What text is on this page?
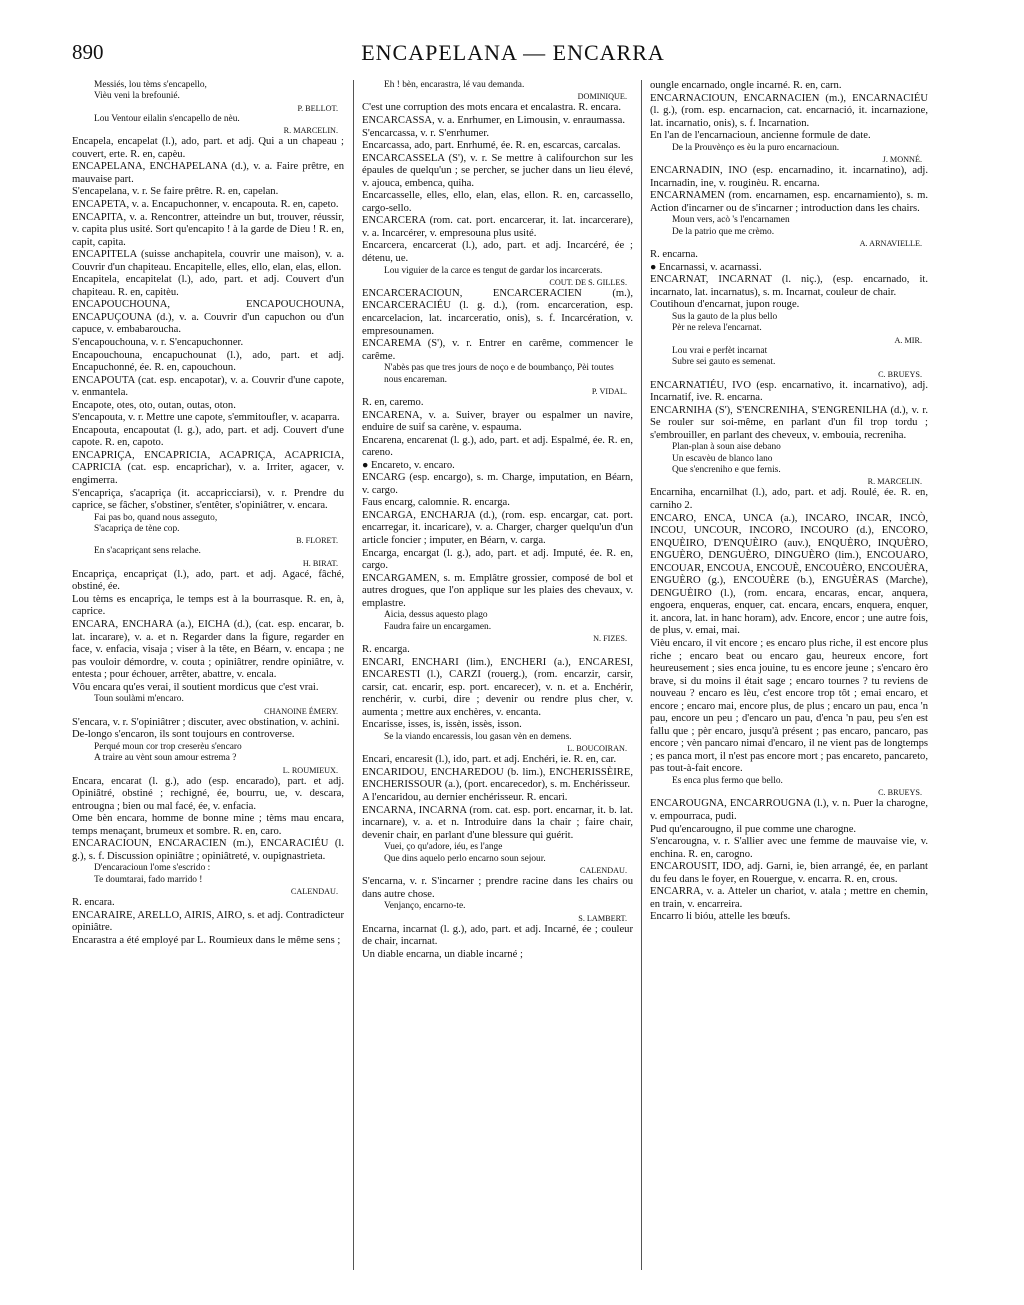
890	ENCAPELANA — ENCARRA

Messiés, lou tèms s'encapello,

Vièu veni la brefounié.

P. BELLOT.

Lou Ventour eilalin s'encapello de nèu.

R. MARCELIN.

Encapela, encapelat (l.), ado, part. et adj. Qui a un chapeau ; couvert, erte. R. en, capèu.

ENCAPELANA, ENCHAPELANA (d.), v. a. Faire prêtre, en mauvaise part.

S'encapelana, v. r. Se faire prêtre. R. en, capelan.

ENCAPETA, v. a. Encapuchonner, v. encapouta. R. en, capeto.

ENCAPITA, v. a. Rencontrer, atteindre un but, trouver, réussir, v. capita plus usité. Sort qu'encapito ! à la garde de Dieu ! R. en, capit, capita.

ENCAPITELA (suisse anchapitela, couvrir une maison), v. a. Couvrir d'un chapiteau. Encapitelle, elles, ello, elan, elas, ellon.

Encapitela, encapitelat (l.), ado, part. et adj. Couvert d'un chapiteau. R. en, capitèu.

ENCAPOUCHOUNA, ENCAPOUCHOUNA, ENCAPUÇOUNA (d.), v. a. Couvrir d'un capuchon ou d'un capuce, v. embabaroucha.

S'encapouchouna, v. r. S'encapuchonner.

Encapouchouna, encapuchounat (l.), ado, part. et adj. Encapuchonné, ée. R. en, capouchoun.

ENCAPOUTA (cat. esp. encapotar), v. a. Couvrir d'une capote, v. enmantela.

Encapote, otes, oto, outan, outas, oton.

S'encapouta, v. r. Mettre une capote, s'emmitoufler, v. acaparra.

Encapouta, encapoutat (l. g.), ado, part. et adj. Couvert d'une capote. R. en, capoto.

ENCAPRIÇA, ENCAPRICIA, ACAPRIÇA, ACAPRICIA, CAPRICIA (cat. esp. encaprichar), v. a. Irriter, agacer, v. engimerra.

S'encapriça, s'acapriça (it. accapricciarsi), v. r. Prendre du caprice, se fâcher, s'obstiner, s'entêter, s'opiniâtrer, v. encara.

Fai pas bo, quand nous asseguto,

S'acapriça de tène cop.

B. FLORET.

En s'acapriçant sens relache.

H. BIRAT.

Encapriça, encapriçat (l.), ado, part. et adj. Agacé, fâché, obstiné, ée.

Lou tèms es encapriça, le temps est à la bourrasque. R. en, à, caprice.

ENCARA, ENCHARA (a.), EICHA (d.), (cat. esp. encarar, b. lat. incarare), v. a. et n. Regarder dans la figure, regarder en face, v. enfacia, visaja ; viser à la tête, en Béarn, v. encapa ; ne pas vouloir démordre, v. couta ; opiniâtrer, rendre opiniâtre, v. entesta ; pour échouer, arrêter, abattre, v. encala.

Vôu encara qu'es verai, il soutient mordicus que c'est vrai.

Toun soulàmi m'encaro.

CHANOINE ÉMERY.

S'encara, v. r. S'opiniâtrer ; discuter, avec obstination, v. achini.

De-longo s'encaron, ils sont toujours en controverse.

Perqué moun cor trop creserèu s'encaro

A traire au vènt soun amour estrema ?

L. ROUMIEUX.

Encara, encarat (l. g.), ado (esp. encarado), part. et adj. Opiniâtré, obstiné ; rechigné, ée, bourru, ue, v. descara, entrougna ; bien ou mal facé, ée, v. enfacia.

Ome bèn encara, homme de bonne mine ; tèms mau encara, temps menaçant, brumeux et sombre. R. en, caro.

ENCARACIOUN, ENCARACIEN (m.), ENCARACIÉU (l. g.), s. f. Discussion opiniâtre ; opiniâtreté, v. oupignastrieta.

D'encaracioun l'ome s'escrido :

Te doumtarai, fado marrido !

CALENDAU.

R. encara.

ENCARAIRE, ARELLO, AIRIS, AIRO, s. et adj. Contradicteur opiniâtre.

Encarastra a été employé par L. Roumieux dans le même sens ;

Eh ! bèn, encarastra, lé vau demanda.

DOMINIQUE.

C'est une corruption des mots encara et encalastra. R. encara.

ENCARCASSA, v. a. Enrhumer, en Limousin, v. enraumassa.

S'encarcassa, v. r. S'enrhumer.

Encarcassa, ado, part. Enrhumé, ée. R. en, escarcas, carcalas.

ENCARCASSELA (S'), v. r. Se mettre à califourchon sur les épaules de quelqu'un ; se percher, se jucher dans un lieu élevé, v. ajouca, embenca, quiha.

Encarcasselle, elles, ello, elan, elas, ellon. R. en, carcassello, cargo-sello.

ENCARCERA (rom. cat. port. encarcerar, it. lat. incarcerare), v. a. Incarcérer, v. empresouna plus usité.

Encarcera, encarcerat (l.), ado, part. et adj. Incarcéré, ée ; détenu, ue.

Lou viguier de la carce es tengut de gardar los incarcerats.

COUT. DE S. GILLES.

ENCARCERACIOUN, ENCARCERACIEN (m.), ENCARCERACIÉU (l. g. d.), (rom. encarceration, esp. encarcelacion, lat. incarceratio, onis), s. f. Incarcération, v. empresounamen.

ENCAREMA (S'), v. r. Entrer en carême, commencer le carême.

N'abès pas que tres jours de noço e de boumbanço, Pèi toutes nous encareman.

P. VIDAL.

R. en, caremo.

ENCARENA, v. a. Suiver, brayer ou espalmer un navire, enduire de suif sa carène, v. espauma.

Encarena, encarenat (l. g.), ado, part. et adj. Espalmé, ée. R. en, careno.

● Encareto, v. encaro.

ENCARG (esp. encargo), s. m. Charge, imputation, en Béarn, v. cargo.

Faus encarg, calomnie. R. encarga.

ENCARGA, ENCHARJA (d.), (rom. esp. encargar, cat. port. encarregar, it. incaricare), v. a. Charger, charger quelqu'un d'un article foncier ; imputer, en Béarn, v. carga.

Encarga, encargat (l. g.), ado, part. et adj. Imputé, ée. R. en, cargo.

ENCARGAMEN, s. m. Emplâtre grossier, composé de bol et autres drogues, que l'on applique sur les plaies des chevaux, v. emplastre.

Aicia, dessus aquesto plago

Faudra faire un encargamen.

N. FIZES.

R. encarga.

ENCARI, ENCHARI (lim.), ENCHERI (a.), ENCARESI, ENCARESTI (l.), CARZI (rouerg.), (rom. encarzir, carsir, carsir, cat. encarir, esp. port. encarecer), v. n. et a. Enchérir, renchérir, v. curbi, dire ; devenir ou rendre plus cher, v. aumenta ; mettre aux enchères, v. encanta.

Encarisse, isses, is, issèn, issès, isson.

Se la viando encaressis, lou gasan vèn en demens.

L. BOUCOIRAN.

Encari, encaresit (l.), ido, part. et adj. Enchéri, ie. R. en, car.

ENCARIDOU, ENCHAREDOU (b. lim.), ENCHERISSÈIRE, ENCHERISSOUR (a.), (port. encarecedor), s. m. Enchérisseur.

A l'encaridou, au dernier enchérisseur. R. encari.

ENCARNA, INCARNA (rom. cat. esp. port. encarnar, it. b. lat. incarnare), v. a. et n. Introduire dans la chair ; faire chair, devenir chair, en parlant d'une blessure qui guérit.

Vuei, ço qu'adore, iéu, es l'ange

Que dins aquelo perlo encarno soun sejour.

CALENDAU.

S'encarna, v. r. S'incarner ; prendre racine dans les chairs ou dans autre chose.

Venjanço, encarno-te.

S. LAMBERT.

Encarna, incarnat (l. g.), ado, part. et adj. Incarné, ée ; couleur de chair, incarnat.

Un diable encarna, un diable incarné ;

oungle encarnado, ongle incarné. R. en, carn.

ENCARNACIOUN, ENCARNACIEN (m.), ENCARNACIÉU (l. g.), (rom. esp. encarnacion, cat. encarnació, it. incarnazione, lat. incarnatio, onis), s. f. Incarnation.

En l'an de l'encarnacioun, ancienne formule de date.

De la Prouvènço es èu la puro encarnacioun.

J. MONNÉ.

ENCARNADIN, INO (esp. encarnadino, it. incarnatino), adj. Incarnadin, ine, v. rouginèu. R. encarna.

ENCARNAMEN (rom. encarnamen, esp. encarnamiento), s. m. Action d'incarner ou de s'incarner ; introduction dans les chairs.

Moun vers, acò 's l'encarnamen

De la patrio que me crèmo.

A. ARNAVIELLE.

R. encarna.

● Encarnassi, v. acarnassi.

ENCARNAT, INCARNAT (l. niç.), (esp. encarnado, it. incarnato, lat. incarnatus), s. m. Incarnat, couleur de chair.

Coutihoun d'encarnat, jupon rouge.

Sus la gauto de la plus bello

Pèr ne releva l'encarnat.

A. MIR.

Lou vrai e perfèt incarnat

Subre sei gauto es semenat.

C. BRUEYS.

ENCARNATIÉU, IVO (esp. encarnativo, it. incarnativo), adj. Incarnatif, ive. R. encarna.

ENCARNIHA (S'), S'ENCRENIHA, S'ENGRENILHA (d.), v. r. Se rouler sur soi-même, en parlant d'un fil trop tordu ; s'embrouiller, en parlant des cheveux, v. embouia, recreniha.

Plan-plan à soun aise debano

Un escavèu de blanco lano

Que s'encreniho e que fernis.

R. MARCELIN.

Encarniha, encarnilhat (l.), ado, part. et adj. Roulé, ée. R. en, carniho 2.

ENCARO, ENCA, UNCA (a.), INCARO, INCAR, INCÒ, INCOU, UNCOUR, INCORO, INCOURO (d.), ENCORO, ENQUÈIRO, D'ENQUÈIRO (auv.), ENQUÈRO, INQUÈRO, ENGUÈRO, DENGUÈRO, DINGUÈRO (lim.), ENCOUARO, ENCOUAR, ENCOUA, ENCOUÈ, ENCOUÈRO, ENCOUÈRA, ENGUÈRO (g.), ENCOUÈRE (b.), ENGUÈRAS (Marche), DENGUÈIRO (l.), (rom. encara, encaras, encar, anquera, engoera, enqueras, enquer, cat. encara, encars, enquera, enquer, it. ancora, lat. in hanc horam), adv. Encore, encor ; une autre fois, de plus, v. emai, mai.

Vièu encaro, il vit encore ; es encaro plus riche, il est encore plus riche ; encaro beat ou encaro gau, heureux encore, fort heureusement ; sies enca jouine, tu es encore jeune ; s'encaro èro brave, si du moins il était sage ; encaro tournes ? tu reviens de nouveau ? encaro es lèu, c'est encore trop tôt ; emai encaro, et encore ; encaro mai, encore plus, de plus ; encaro un pau, enca 'n pau, encore un peu ; d'encaro un pau, d'enca 'n pau, peu s'en est fallu que ; pèr encaro, jusqu'à présent ; pas encaro, pancaro, pas encore ; vèn pancaro nimai d'encaro, il ne vient pas de longtemps ; es panca mort, il n'est pas encore mort ; pas encareto, pancareto, pas tout-à-fait encore.

Es enca plus fermo que bello.

C. BRUEYS.

ENCAROUGNA, ENCARROUGNA (l.), v. n. Puer la charogne, v. empourraca, pudi.

Pud qu'encarougno, il pue comme une charogne.

S'encarougna, v. r. S'allier avec une femme de mauvaise vie, v. enchina. R. en, carogno.

ENCAROUSIT, IDO, adj. Garni, ie, bien arrangé, ée, en parlant du feu dans le foyer, en Rouergue, v. encarra. R. en, crous.

ENCARRA, v. a. Atteler un chariot, v. atala ; mettre en chemin, en train, v. encarreira.

Encarro li bióu, attelle les bœufs.
